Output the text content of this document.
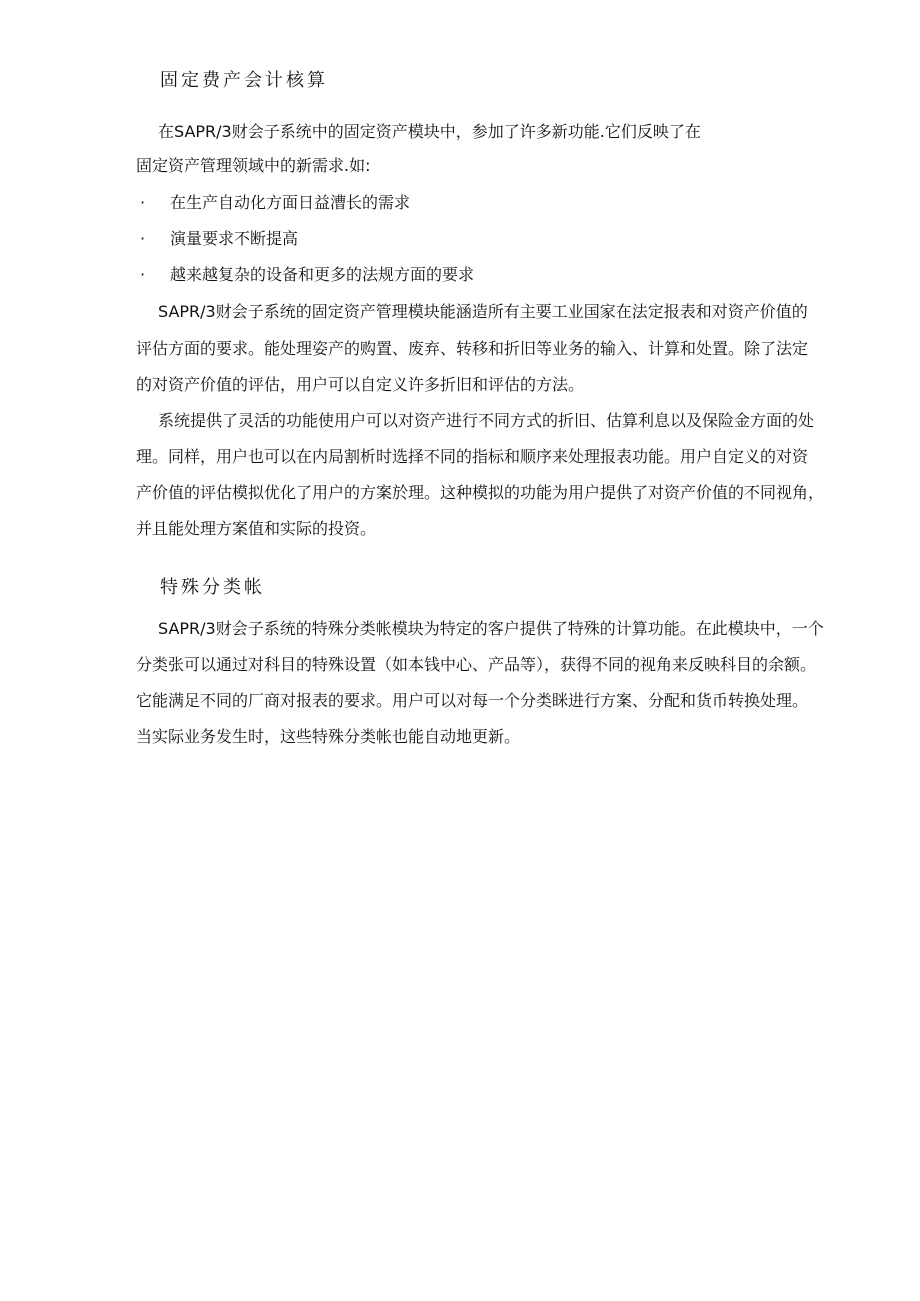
固定费产会计核算

在SAPR/3财会子系统中的固定资产模块中，参加了许多新功能.它们反映了在

固定资产管理领域中的新需求.如:

· 在生产自动化方面日益漕长的需求
· 演量要求不断提高
· 越来越复杂的设备和更多的法规方面的要求

SAPR/3财会子系统的固定资产管理模块能涵造所有主要工业国家在法定报表和对资产价值的

评估方面的要求。能处理姿产的购置、废弃、转移和折旧等业务的输入、计算和处置。除了法定

的对资产价值的评估，用户可以自定义许多折旧和评估的方法。

系统提供了灵活的功能使用户可以对资产进行不同方式的折旧、估算利息以及保险金方面的处

理。同样，用户也可以在内局割析时选择不同的指标和顺序来处理报表功能。用户自定义的对资

产价值的评估模拟优化了用户的方案於理。这种模拟的功能为用户提供了对资产价值的不同视角，

并且能处理方案值和实际的投资。

特殊分类帐

SAPR/3财会子系统的特殊分类帐模块为特定的客户提供了特殊的计算功能。在此模块中，一个

分类张可以通过对科目的特殊设置（如本钱中心、产品等），获得不同的视角来反映科目的余额。

它能满足不同的厂商对报表的要求。用户可以对每一个分类眯进行方案、分配和货币转换处理。

当实际业务发生时，这些特殊分类帐也能自动地更新。
